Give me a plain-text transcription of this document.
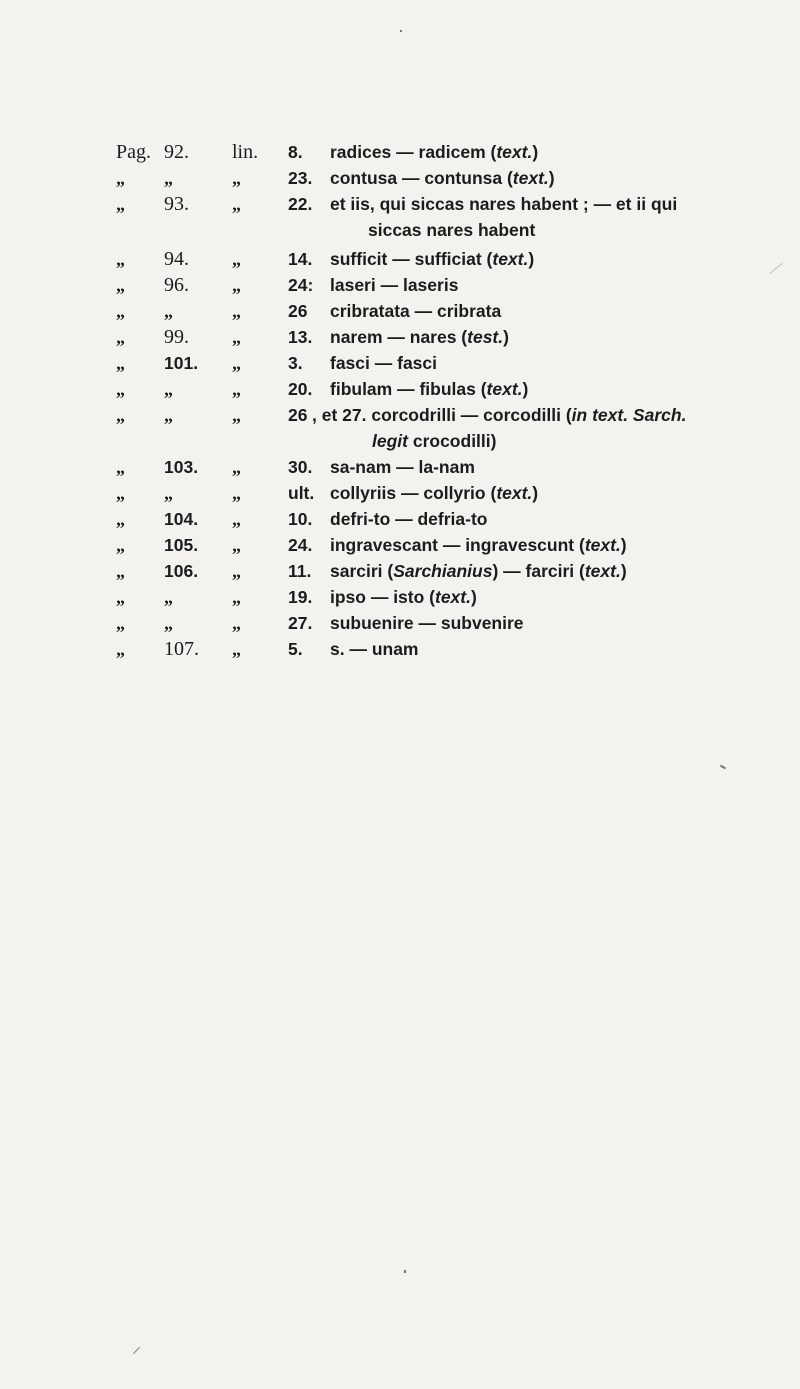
Pag. 92.	lin.	8.	radices — radicem (text.)
„	„	„	23.	contusa — contunsa (text.)
„	93.	„	22.	et iis, qui siccas nares habent ; — et ii qui
siccas nares habent
„	94.	„	14.	sufficit — sufficiat (text.)
„	96.	„	24: laseri — laseris
„	„	„	26	cribratata — cribrata
„	99.	„	13.	narem — nares (test.)
„	101.	„	3.	fasci — fasci
„	„	„	20.	fibulam — fibulas (text.)
„	„	„	26 , et 27. corcodrilli — corcodilli (in text. Sarch.
legit crocodilli)
„	103.	„	30.	sa-nam — la-nam
„	„	„	ult. collyriis — collyrio (text.)
„	104.	„	10.	defri-to — defria-to
„	105.	„	24.	ingravescant — ingravescunt (text.)
„	106.	„	11.	sarciri (Sarchianius) — farciri (text.)
„	„	„	19.	ipso — isto (text.)
„	„	„	27.	subuenire — subvenire
„	107.	„	5.	s. — unam
